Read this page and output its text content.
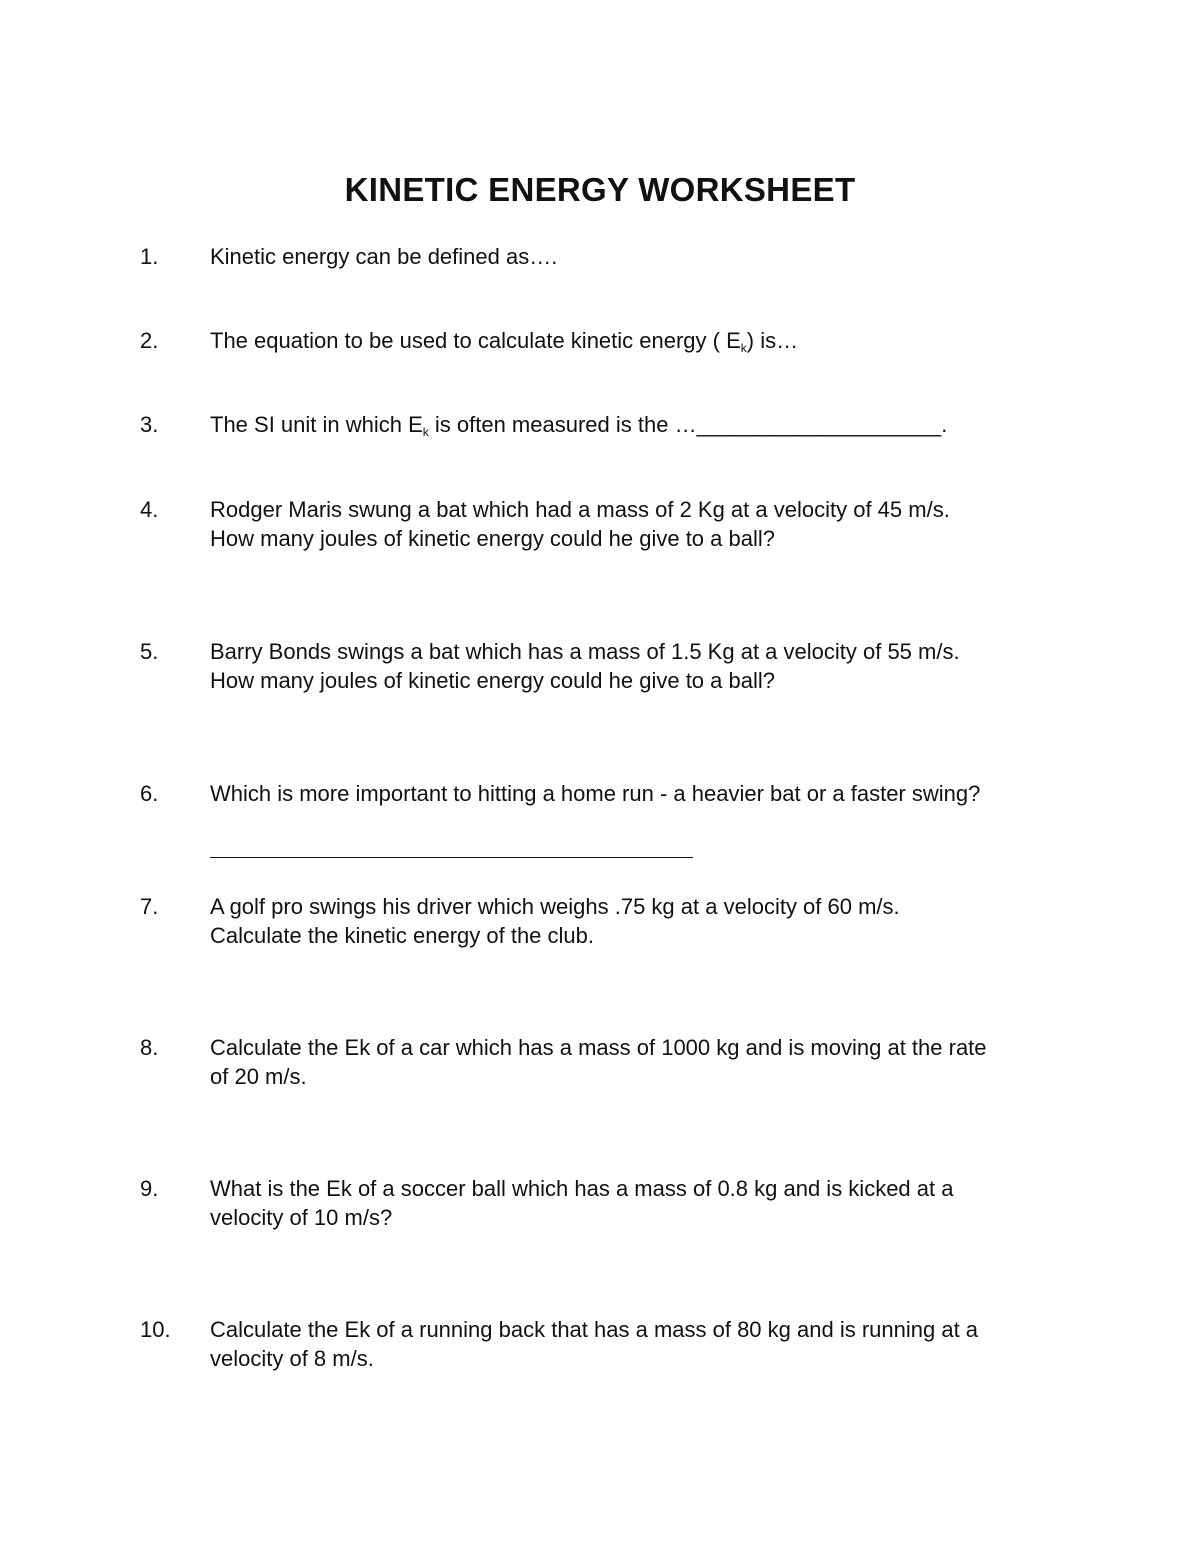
KINETIC ENERGY WORKSHEET
1. Kinetic energy can be defined as….
2. The equation to be used to calculate kinetic energy ( $E_k$) is…
3. The SI unit in which $E_k$ is often measured is the …____________________.
4. Rodger Maris swung a bat which had a mass of 2 Kg at a velocity of 45 m/s.
How many joules of kinetic energy could he give to a ball?
5. Barry Bonds swings a bat which has a mass of 1.5 Kg at a velocity of 55 m/s.
How many joules of kinetic energy could he give to a ball?
6. Which is more important to hitting a home run - a heavier bat or a faster swing?
7. A golf pro swings his driver which weighs .75 kg at a velocity of 60 m/s.
Calculate the kinetic energy of the club.
8. Calculate the Ek of a car which has a mass of 1000 kg and is moving at the rate
of 20 m/s.
9. What is the Ek of a soccer ball which has a mass of 0.8 kg and is kicked at a
velocity of 10 m/s?
10. Calculate the Ek of a running back that has a mass of 80 kg and is running at a
velocity of 8 m/s.
